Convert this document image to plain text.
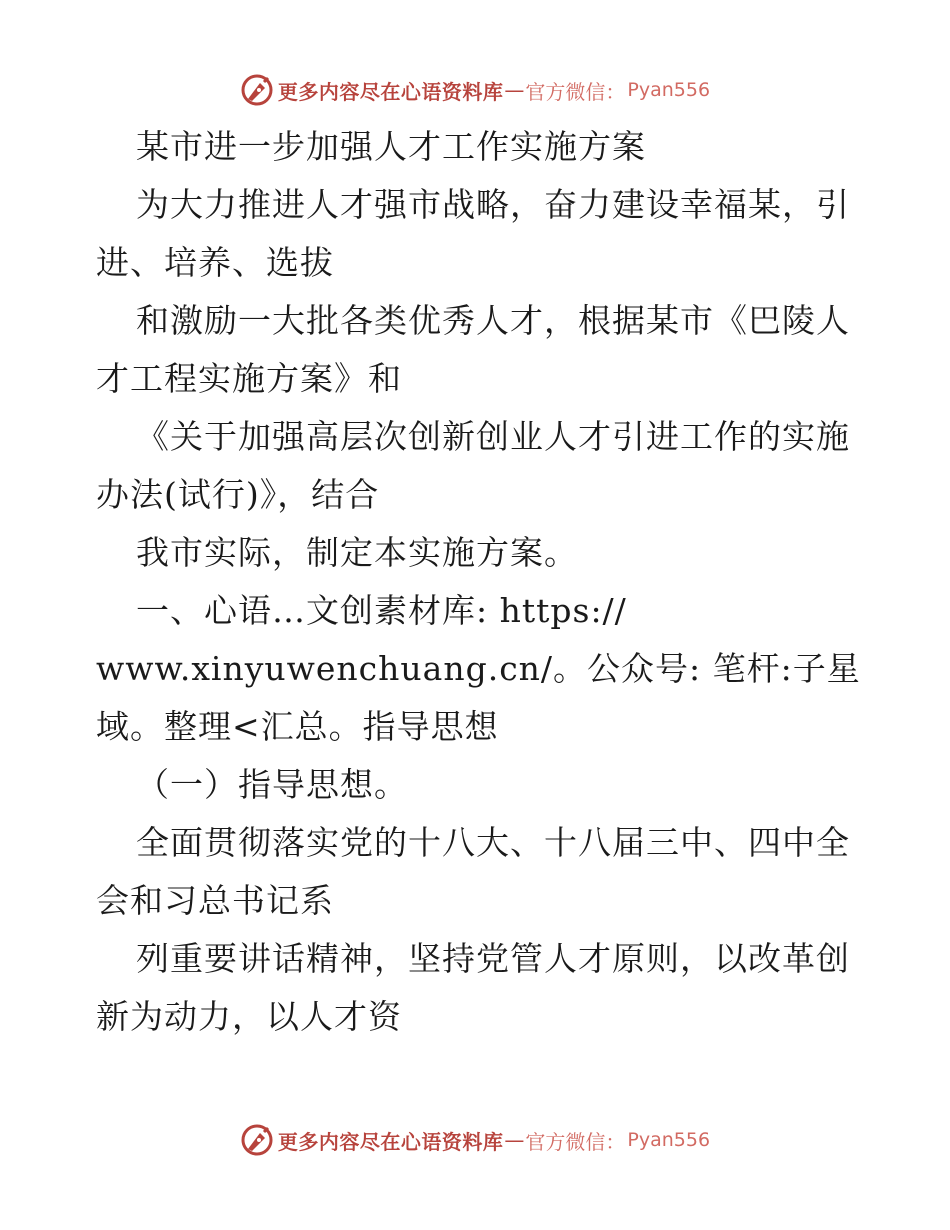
更多内容尽在心语资料库 — 官方微信： Pyan556
某市进一步加强人才工作实施方案
为大力推进人才强市战略，奋力建设幸福某，引
进、培养、选拔
和激励一大批各类优秀人才，根据某市《巴陵人
才工程实施方案》和
《关于加强高层次创新创业人才引进工作的实施
办法(试行)》，结合
我市实际，制定本实施方案。
一、心语…文创素材库: https://
www.xinyuwenchuang.cn/。公众号: 笔杆:子星
域。整理<汇总。指导思想
（一）指导思想。
全面贯彻落实党的十八大、十八届三中、四中全
会和习总书记系
列重要讲话精神，坚持党管人才原则，以改革创
新为动力，以人才资
更多内容尽在心语资料库 — 官方微信： Pyan556
